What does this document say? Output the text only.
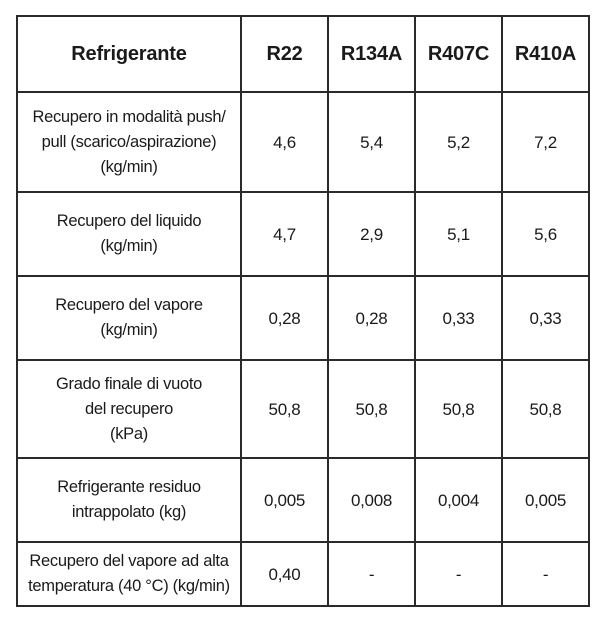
Refrigerante	R22	R134A	R407C	R410A

Recupero in modalità push/
pull (scarico/aspirazione)
(kg/min)	4,6	5,4	5,2	7,2

Recupero del liquido
(kg/min)	4,7	2,9	5,1	5,6

Recupero del vapore
(kg/min)	0,28	0,28	0,33	0,33

Grado finale di vuoto
del recupero
(kPa)	50,8	50,8	50,8	50,8

Refrigerante residuo
intrappolato (kg)	0,005	0,008	0,004	0,005

Recupero del vapore ad alta
temperatura (40 °C) (kg/min)	0,40	-	-	-
